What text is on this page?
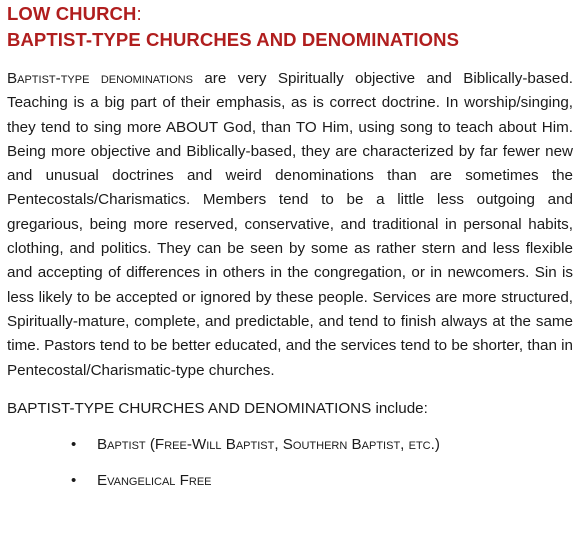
LOW CHURCH:
BAPTIST-TYPE CHURCHES AND DENOMINATIONS

Baptist-type denominations are very Spiritually objective and Biblically-based. Teaching is a big part of their emphasis, as is correct doctrine. In worship/singing, they tend to sing more ABOUT God, than TO Him, using song to teach about Him. Being more objective and Biblically-based, they are characterized by far fewer new and unusual doctrines and weird denominations than are sometimes the Pentecostals/Charismatics. Members tend to be a little less outgoing and gregarious, being more reserved, conservative, and traditional in personal habits, clothing, and politics. They can be seen by some as rather stern and less flexible and accepting of differences in others in the congregation, or in newcomers. Sin is less likely to be accepted or ignored by these people. Services are more structured, Spiritually-mature, complete, and predictable, and tend to finish always at the same time. Pastors tend to be better educated, and the services tend to be shorter, than in Pentecostal/Charismatic-type churches.

BAPTIST-TYPE CHURCHES AND DENOMINATIONS include:

• Baptist (Free-Will Baptist, Southern Baptist, etc.)
• Evangelical Free
